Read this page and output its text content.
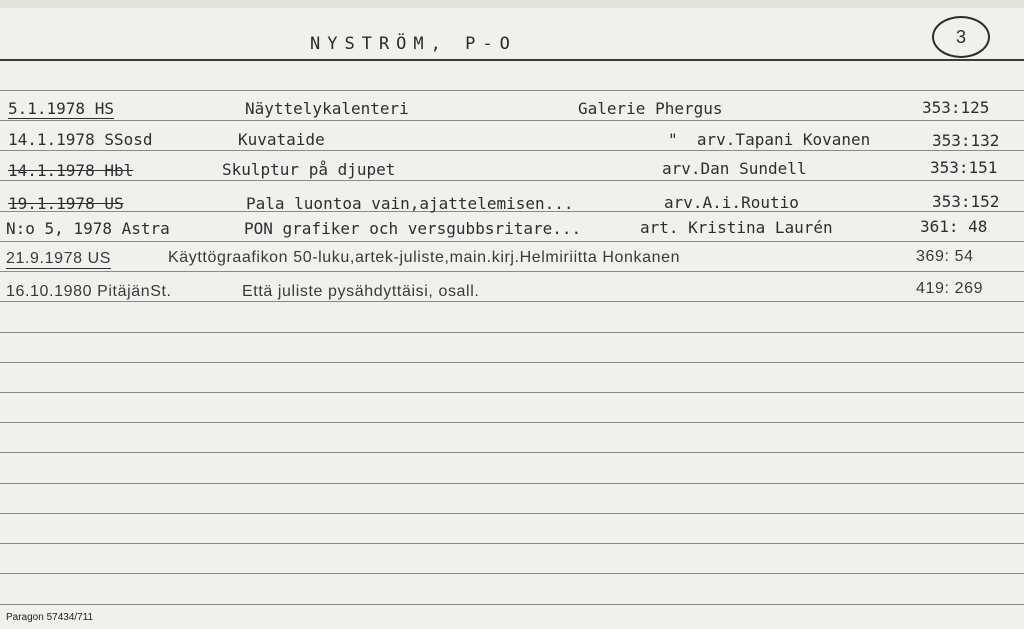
NYSTRÖM, P-O	3
5.1.1978 HS	Näyttelykalenteri	Galerie Phergus	353:125
14.1.1978 SSosd	Kuvataide	"  arv.Tapani Kovanen	353:132
14.1.1978 Hbl	Skulptur på djupet	arv.Dan Sundell	353:151
19.1.1978 US	Pala luontoa vain,ajattelemisen...	arv.A.i.Routio	353:152
N:o 5, 1978 Astra	PON grafiker och versgubbsritare...	art. Kristina Laurén	361: 48
21.9.1978 US	Käyttögraafikon 50-luku,artek-juliste,main.kirj.Helmiriitta Honkanen	369: 54
16.10.1980 PitäjänSt.	Että juliste pysähdyttäisi, osall.	419: 269
Paragon 57434/711
